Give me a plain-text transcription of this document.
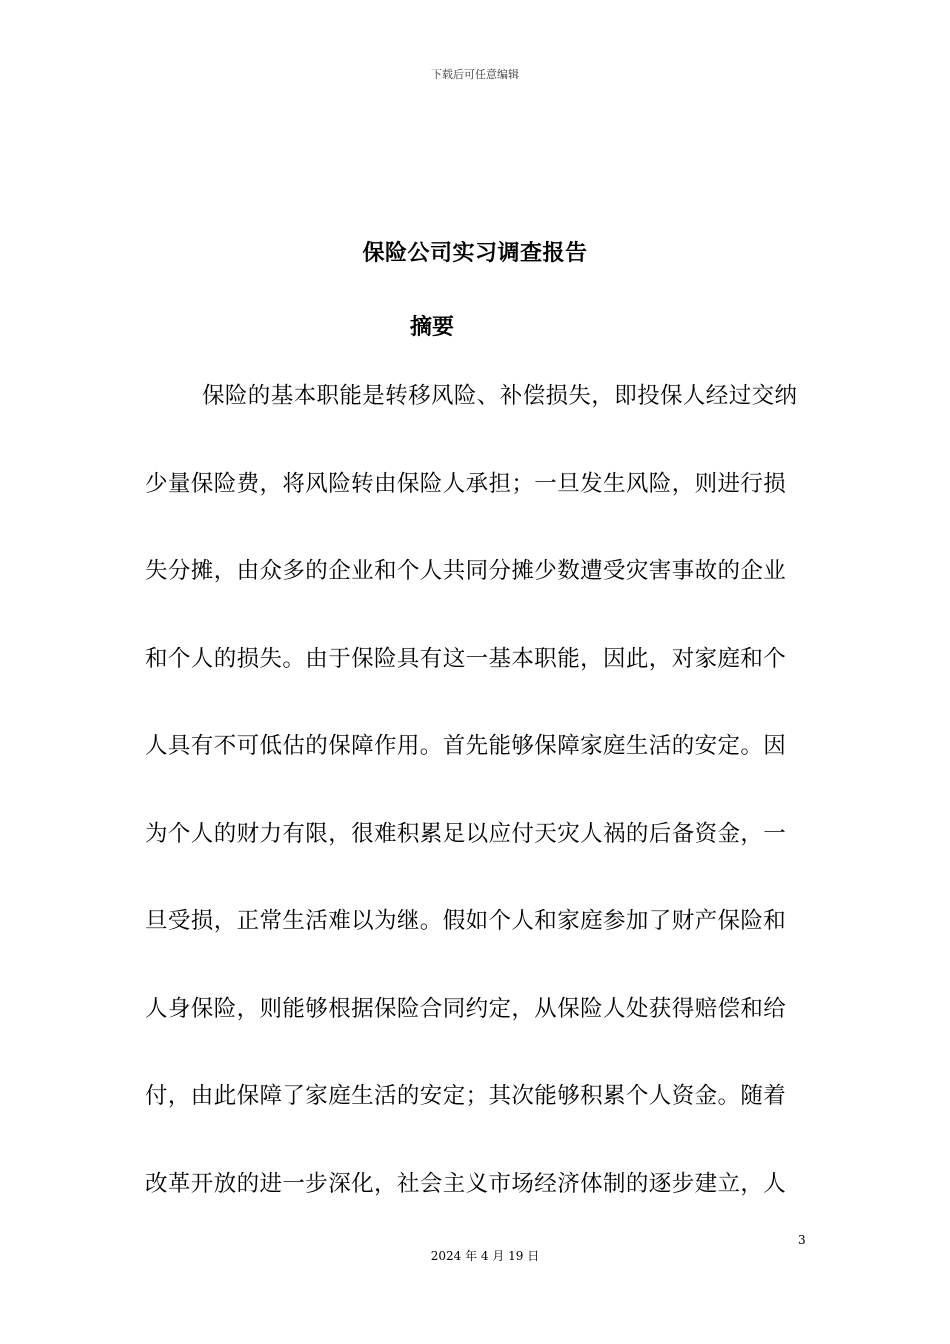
下载后可任意编辑
保险公司实习调查报告
摘要
保险的基本职能是转移风险、补偿损失，即投保人经过交纳
少量保险费，将风险转由保险人承担；一旦发生风险，则进行损
失分摊，由众多的企业和个人共同分摊少数遭受灾害事故的企业
和个人的损失。由于保险具有这一基本职能，因此，对家庭和个
人具有不可低估的保障作用。首先能够保障家庭生活的安定。因
为个人的财力有限，很难积累足以应付天灾人祸的后备资金，一
旦受损，正常生活难以为继。假如个人和家庭参加了财产保险和
人身保险，则能够根据保险合同约定，从保险人处获得赔偿和给
付，由此保障了家庭生活的安定；其次能够积累个人资金。随着
改革开放的进一步深化，社会主义市场经济体制的逐步建立，人
3
2024 年 4 月 19 日
